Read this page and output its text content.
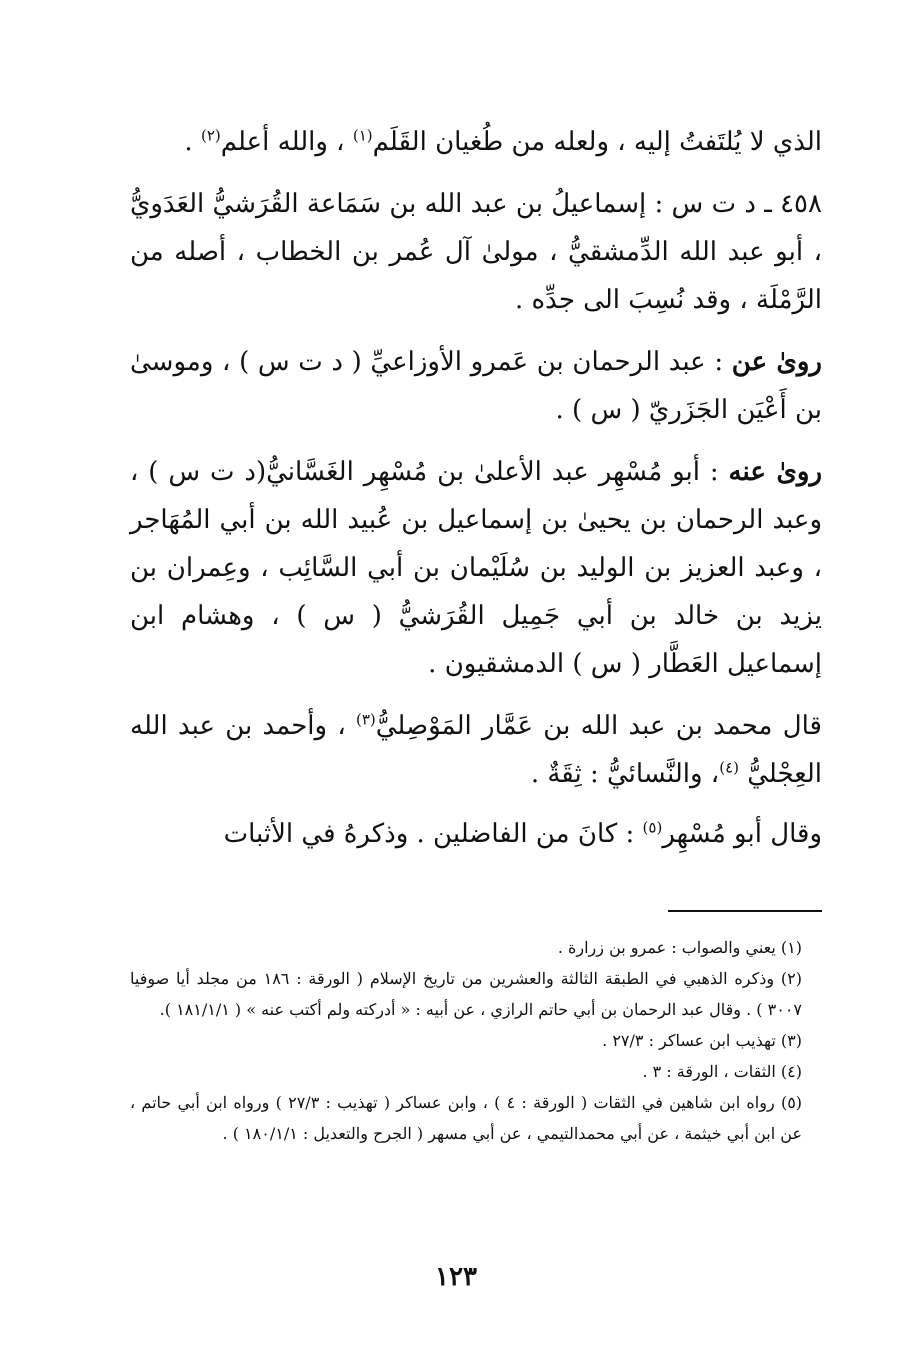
الذي لا يُلتَفتُ إليه ، ولعله من طُغيان القَلَم$^{(١)}$ ، والله أعلم$^{(٢)}$ .

٤٥٨ ـ د ت س : إسماعيلُ بن عبد الله بن سَمَاعة القُرَشيُّ العَدَويُّ ، أبو عبد الله الدِّمشقيُّ ، مولىٰ آل عُمر بن الخطاب ، أصله من الرَّمْلَة ، وقد نُسِبَ الى جدِّه .

رویٰ عن : عبد الرحمان بن عَمرو الأوزاعيِّ ( د ت س ) ، وموسىٰ بن أَعْيَن الجَزَريّ ( س ) .

رویٰ عنه : أبو مُسْهِر عبد الأعلىٰ بن مُسْهِر الغَسَّانيُّ(د ت س ) ، وعبد الرحمان بن يحيىٰ بن إسماعيل بن عُبيد الله بن أبي المُهَاجر ، وعبد العزيز بن الوليد بن سُلَيْمان بن أبي السَّائِب ، وعِمران بن يزيد بن خالد بن أبي جَمِيل القُرَشيُّ ( س ) ، وهشام ابن إسماعيل العَطَّار ( س ) الدمشقيون .

قال محمد بن عبد الله بن عَمَّار المَوْصِليُّ$^{(٣)}$ ، وأحمد بن عبد الله العِجْليُّ $^{(٤)}$، والنَّسائيُّ : ثِقَةٌ .

وقال أبو مُسْهِر$^{(٥)}$ : كانَ من الفاضلين . وذكرهُ في الأثبات

(١) يعني والصواب : عمرو بن زرارة .

(٢) وذكره الذهبي في الطبقة الثالثة والعشرين من تاريخ الإسلام ( الورقة : ١٨٦ من مجلد أيا صوفيا ٣٠٠٧ ) . وقال عبد الرحمان بن أبي حاتم الرازي ، عن أبيه : « أدركته ولم أكتب عنه » ( ١٨١/١/١ ).

(٣) تهذيب ابن عساكر : ٢٧/٣ .

(٤) الثقات ، الورقة : ٣ .

(٥) رواه ابن شاهين في الثقات ( الورقة : ٤ ) ، وابن عساكر ( تهذيب : ٢٧/٣ ) ورواه ابن أبي حاتم ، عن ابن أبي خيثمة ، عن أبي محمدالتيمي ، عن أبي مسهر ( الجرح والتعديل : ١٨٠/١/١ ) .

١٢٣
